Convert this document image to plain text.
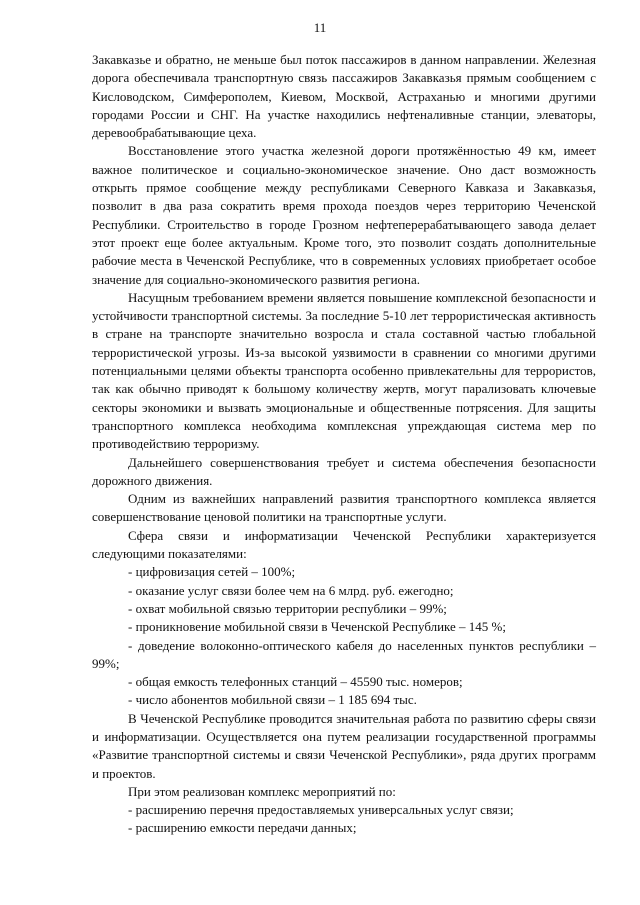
11

Закавказье и обратно, не меньше был поток пассажиров в данном направлении. Железная дорога обеспечивала транспортную связь пассажиров Закавказья прямым сообщением с Кисловодском, Симферополем, Киевом, Москвой, Астраханью и многими другими городами России и СНГ. На участке находились нефтеналивные станции, элеваторы, деревообрабатывающие цеха.

Восстановление этого участка железной дороги протяжённостью 49 км, имеет важное политическое и социально-экономическое значение. Оно даст возможность открыть прямое сообщение между республиками Северного Кавказа и Закавказья, позволит в два раза сократить время прохода поездов через территорию Чеченской Республики. Строительство в городе Грозном нефтеперерабатывающего завода делает этот проект еще более актуальным. Кроме того, это позволит создать дополнительные рабочие места в Чеченской Республике, что в современных условиях приобретает особое значение для социально-экономического развития региона.

Насущным требованием времени является повышение комплексной безопасности и устойчивости транспортной системы. За последние 5-10 лет террористическая активность в стране на транспорте значительно возросла и стала составной частью глобальной террористической угрозы. Из-за высокой уязвимости в сравнении со многими другими потенциальными целями объекты транспорта особенно привлекательны для террористов, так как обычно приводят к большому количеству жертв, могут парализовать ключевые секторы экономики и вызвать эмоциональные и общественные потрясения. Для защиты транспортного комплекса необходима комплексная упреждающая система мер по противодействию терроризму.

Дальнейшего совершенствования требует и система обеспечения безопасности дорожного движения.

Одним из важнейших направлений развития транспортного комплекса является совершенствование ценовой политики на транспортные услуги.

Сфера связи и информатизации Чеченской Республики характеризуется следующими показателями:

- цифровизация сетей – 100%;
- оказание услуг связи более чем на 6 млрд. руб. ежегодно;
- охват мобильной связью территории республики – 99%;
- проникновение мобильной связи в Чеченской Республике – 145 %;
- доведение волоконно-оптического кабеля до населенных пунктов республики – 99%;
- общая емкость телефонных станций – 45590 тыс. номеров;
- число абонентов мобильной связи – 1 185 694 тыс.

В Чеченской Республике проводится значительная работа по развитию сферы связи и информатизации. Осуществляется она путем реализации государственной программы «Развитие транспортной системы и связи Чеченской Республики», ряда других программ и проектов.

При этом реализован комплекс мероприятий по:

- расширению перечня предоставляемых универсальных услуг связи;
- расширению емкости передачи данных;
